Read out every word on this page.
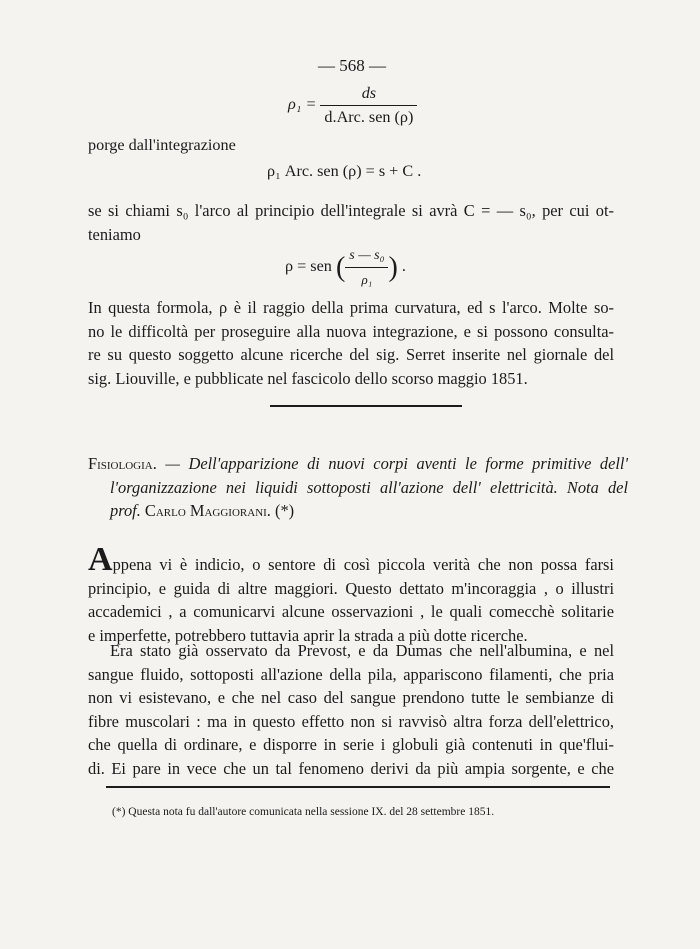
— 568 —
$\rho_1 = \frac{ds}{\text{d.Arc. sen (ρ)}}$
porge dall'integrazione
ρ₁ Arc. sen (ρ) = s + C .
se si chiami s₀ l'arco al principio dell'integrale si avrà C = — s₀, per cui ot-
teniamo
ρ = sen ( $\frac{\text{s — s₀}}{\text{ρ₁}}$ ) .
In questa formola, ρ è il raggio della prima curvatura, ed s l'arco. Molte so-
no le difficoltà per proseguire alla nuova integrazione, e si possono consulta-
re su questo soggetto alcune ricerche del sig. Serret inserite nel giornale del
sig. Liouville, e pubblicate nel fascicolo dello scorso maggio 1851.
Fisiologia. — Dell'apparizione di nuovi corpi aventi le forme primitive dell'
l'organizzazione nei liquidi sottoposti all'azione dell' elettricità. Nota del
prof. Carlo Maggiorani. (*)
Appena vi è indicio, o sentore di così piccola verità che non possa farsi
principio, e guida di altre maggiori. Questo dettato m'incoraggia , o illustri
accademici , a comunicarvi alcune osservazioni , le quali comecchè solitarie
e imperfette, potrebbero tuttavia aprir la strada a più dotte ricerche.
Era stato già osservato da Prevost, e da Dumas che nell'albumina, e nel
sangue fluido, sottoposti all'azione della pila, appariscono filamenti, che pria
non vi esistevano, e che nel caso del sangue prendono tutte le sembianze di
fibre muscolari : ma in questo effetto non si ravvisò altra forza dell'elettrico,
che quella di ordinare, e disporre in serie i globuli già contenuti in que'flui-
di. Ei pare in vece che un tal fenomeno derivi da più ampia sorgente, e che
(*) Questa nota fu dall'autore comunicata nella sessione IX. del 28 settembre 1851.
